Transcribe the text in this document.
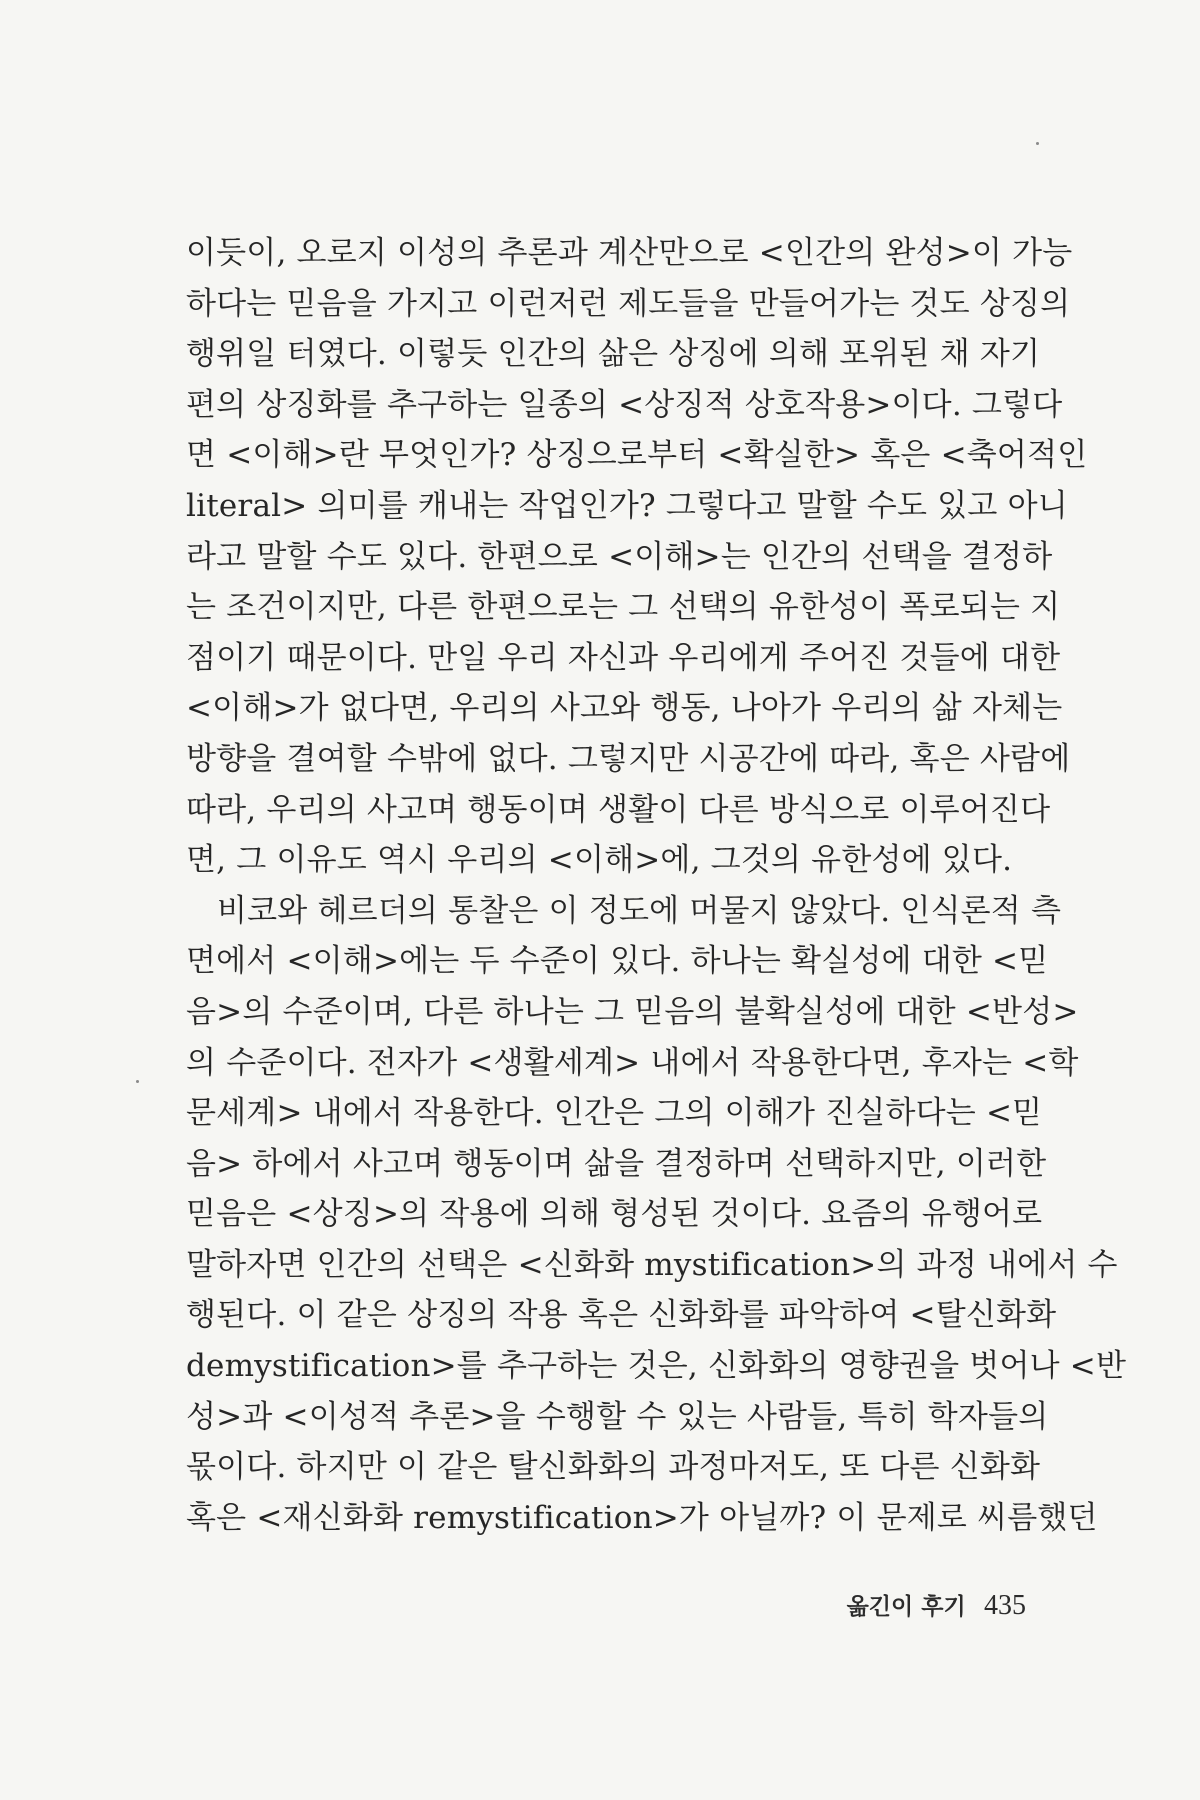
이듯이, 오로지 이성의 추론과 계산만으로 <인간의 완성>이 가능
하다는 믿음을 가지고 이런저런 제도들을 만들어가는 것도 상징의
행위일 터였다. 이렇듯 인간의 삶은 상징에 의해 포위된 채 자기
편의 상징화를 추구하는 일종의 <상징적 상호작용>이다. 그렇다
면 <이해>란 무엇인가? 상징으로부터 <확실한> 혹은 <축어적인
literal> 의미를 캐내는 작업인가? 그렇다고 말할 수도 있고 아니
라고 말할 수도 있다. 한편으로 <이해>는 인간의 선택을 결정하
는 조건이지만, 다른 한편으로는 그 선택의 유한성이 폭로되는 지
점이기 때문이다. 만일 우리 자신과 우리에게 주어진 것들에 대한
<이해>가 없다면, 우리의 사고와 행동, 나아가 우리의 삶 자체는
방향을 결여할 수밖에 없다. 그렇지만 시공간에 따라, 혹은 사람에
따라, 우리의 사고며 행동이며 생활이 다른 방식으로 이루어진다
면, 그 이유도 역시 우리의 <이해>에, 그것의 유한성에 있다.
비코와 헤르더의 통찰은 이 정도에 머물지 않았다. 인식론적 측
면에서 <이해>에는 두 수준이 있다. 하나는 확실성에 대한 <믿
음>의 수준이며, 다른 하나는 그 믿음의 불확실성에 대한 <반성>
의 수준이다. 전자가 <생활세계> 내에서 작용한다면, 후자는 <학
문세계> 내에서 작용한다. 인간은 그의 이해가 진실하다는 <믿
음> 하에서 사고며 행동이며 삶을 결정하며 선택하지만, 이러한
믿음은 <상징>의 작용에 의해 형성된 것이다. 요즘의 유행어로
말하자면 인간의 선택은 <신화화 mystification>의 과정 내에서 수
행된다. 이 같은 상징의 작용 혹은 신화화를 파악하여 <탈신화화
demystification>를 추구하는 것은, 신화화의 영향권을 벗어나 <반
성>과 <이성적 추론>을 수행할 수 있는 사람들, 특히 학자들의
몫이다. 하지만 이 같은 탈신화화의 과정마저도, 또 다른 신화화
혹은 <재신화화 remystification>가 아닐까? 이 문제로 씨름했던
옮긴이 후기 435
